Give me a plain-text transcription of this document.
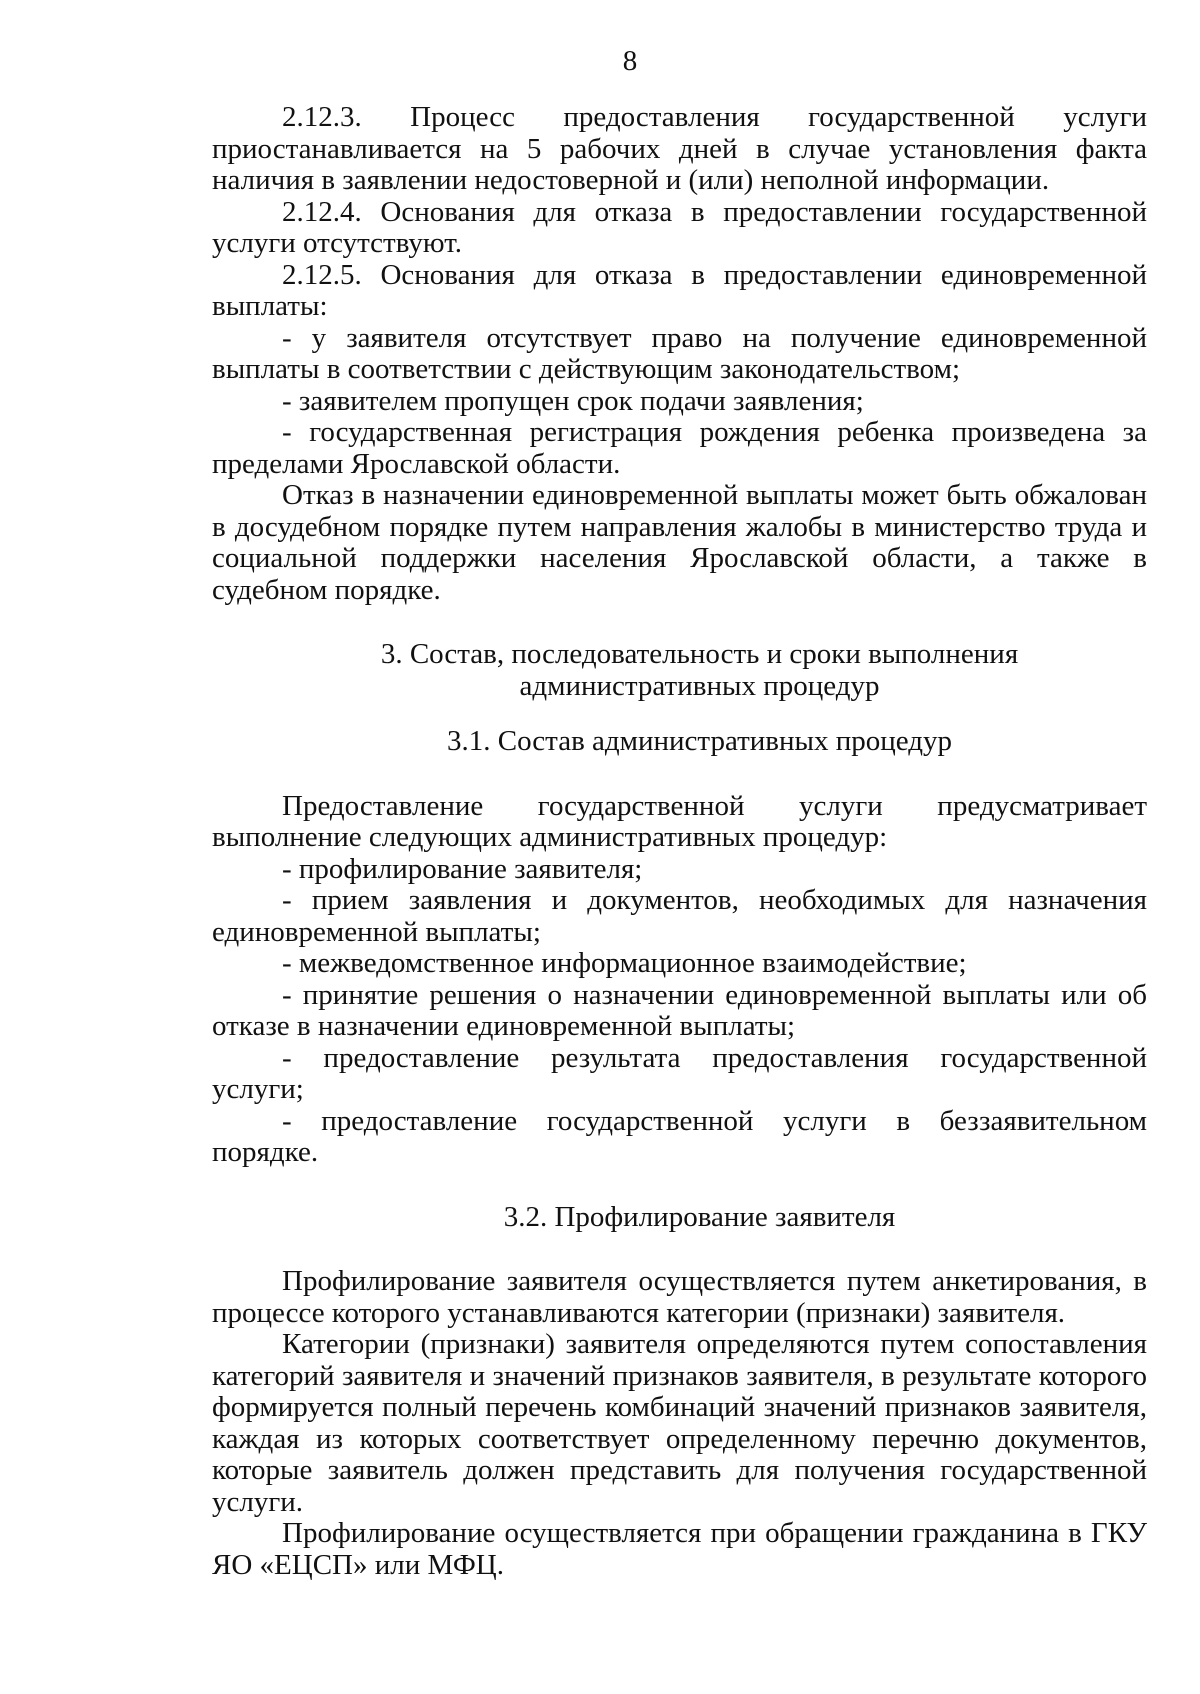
8

2.12.3. Процесс предоставления государственной услуги приостанавливается на 5 рабочих дней в случае установления факта наличия в заявлении недостоверной и (или) неполной информации.

2.12.4. Основания для отказа в предоставлении государственной услуги отсутствуют.

2.12.5. Основания для отказа в предоставлении единовременной выплаты:

- у заявителя отсутствует право на получение единовременной выплаты в соответствии с действующим законодательством;

- заявителем пропущен срок подачи заявления;

- государственная регистрация рождения ребенка произведена за пределами Ярославской области.

Отказ в назначении единовременной выплаты может быть обжалован в досудебном порядке путем направления жалобы в министерство труда и социальной поддержки населения Ярославской области, а также в судебном порядке.

3. Состав, последовательность и сроки выполнения

административных процедур

3.1. Состав административных процедур

Предоставление государственной услуги предусматривает выполнение следующих административных процедур:

- профилирование заявителя;

- прием заявления и документов, необходимых для назначения единовременной выплаты;

- межведомственное информационное взаимодействие;

- принятие решения о назначении единовременной выплаты или об отказе в назначении единовременной выплаты;

- предоставление результата предоставления государственной услуги;

- предоставление государственной услуги в беззаявительном порядке.

3.2. Профилирование заявителя

Профилирование заявителя осуществляется путем анкетирования, в процессе которого устанавливаются категории (признаки) заявителя.

Категории (признаки) заявителя определяются путем сопоставления категорий заявителя и значений признаков заявителя, в результате которого формируется полный перечень комбинаций значений признаков заявителя, каждая из которых соответствует определенному перечню документов, которые заявитель должен представить для получения государственной услуги.

Профилирование осуществляется при обращении гражданина в ГКУ ЯО «ЕЦСП» или МФЦ.
